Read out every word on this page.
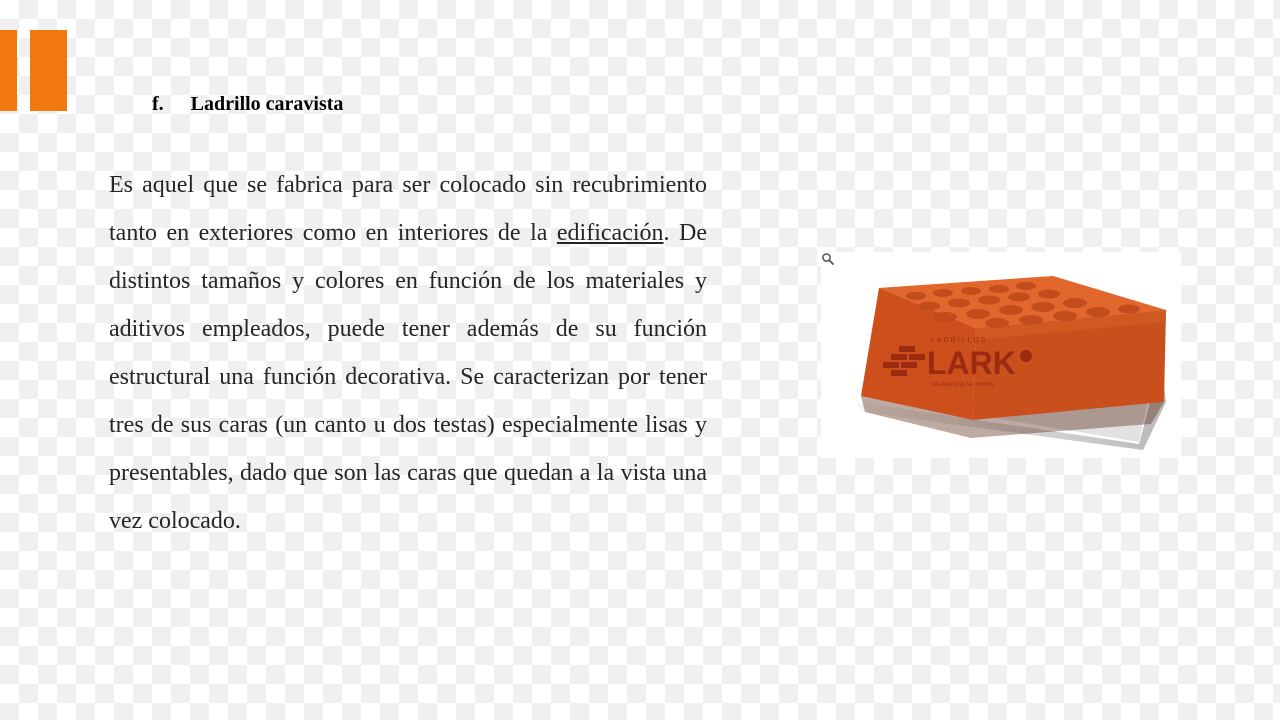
f. Ladrillo caravista
Es aquel que se fabrica para ser colocado sin recubrimiento tanto en exteriores como en interiores de la edificación. De distintos tamaños y colores en función de los materiales y aditivos empleados, puede tener además de su función estructural una función decorativa. Se caracterizan por tener tres de sus caras (un canto u dos testas) especialmente lisas y presentables, dado que son las caras que quedan a la vista una vez colocado.
LADRILLOS
LARK
CALIDAD QUE SE IMPONE
